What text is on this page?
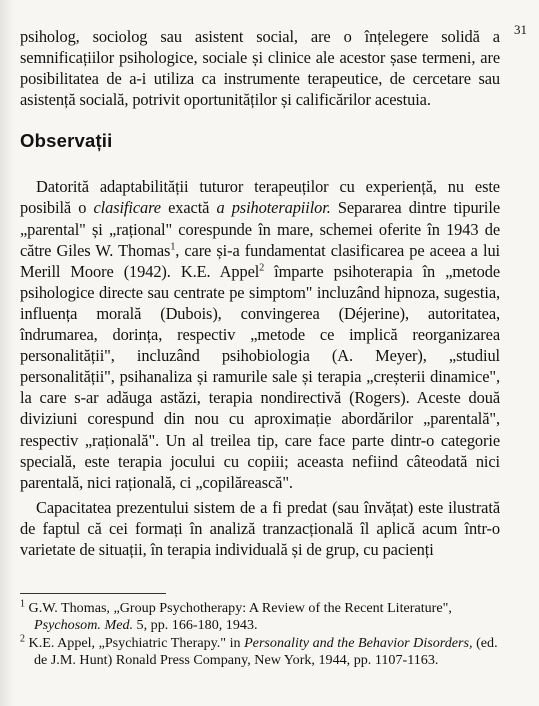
31

psiholog, sociolog sau asistent social, are o înțelegere solidă a semnificațiilor psihologice, sociale și clinice ale acestor șase termeni, are posibilitatea de a-i utiliza ca instrumente terapeutice, de cercetare sau asistență socială, potrivit oportunităților și calificărilor acestuia.

Observații

Datorită adaptabilității tuturor terapeuților cu experiență, nu este posibilă o clasificare exactă a psihoterapiilor. Separarea dintre tipurile „parental" și „rațional" corespunde în mare, schemei oferite în 1943 de către Giles W. Thomas$^1$, care și-a fundamentat clasificarea pe aceea a lui Merill Moore (1942). K.E. Appel$^2$ împarte psihoterapia în „metode psihologice directe sau centrate pe simptom" incluzând hipnoza, sugestia, influența morală (Dubois), convingerea (Déjerine), autoritatea, îndrumarea, dorința, respectiv „metode ce implică reorganizarea personalității", incluzând psihobiologia (A. Meyer), „studiul personalității", psihanaliza și ramurile sale și terapia „creșterii dinamice", la care s-ar adăuga astăzi, terapia nondirectivă (Rogers). Aceste două diviziuni corespund din nou cu aproximație abordărilor „parentală", respectiv „rațională". Un al treilea tip, care face parte dintr-o categorie specială, este terapia jocului cu copiii; aceasta nefiind câteodată nici parentală, nici rațională, ci „copilărească".

Capacitatea prezentului sistem de a fi predat (sau învățat) este ilustrată de faptul că cei formați în analiză tranzacțională îl aplică acum într-o varietate de situații, în terapia individuală și de grup, cu pacienți

$^1$ G.W. Thomas, „Group Psychotherapy: A Review of the Recent Literature", Psychosom. Med. 5, pp. 166-180, 1943.

$^2$ K.E. Appel, „Psychiatric Therapy." in Personality and the Behavior Disorders, (ed. de J.M. Hunt) Ronald Press Company, New York, 1944, pp. 1107-1163.
